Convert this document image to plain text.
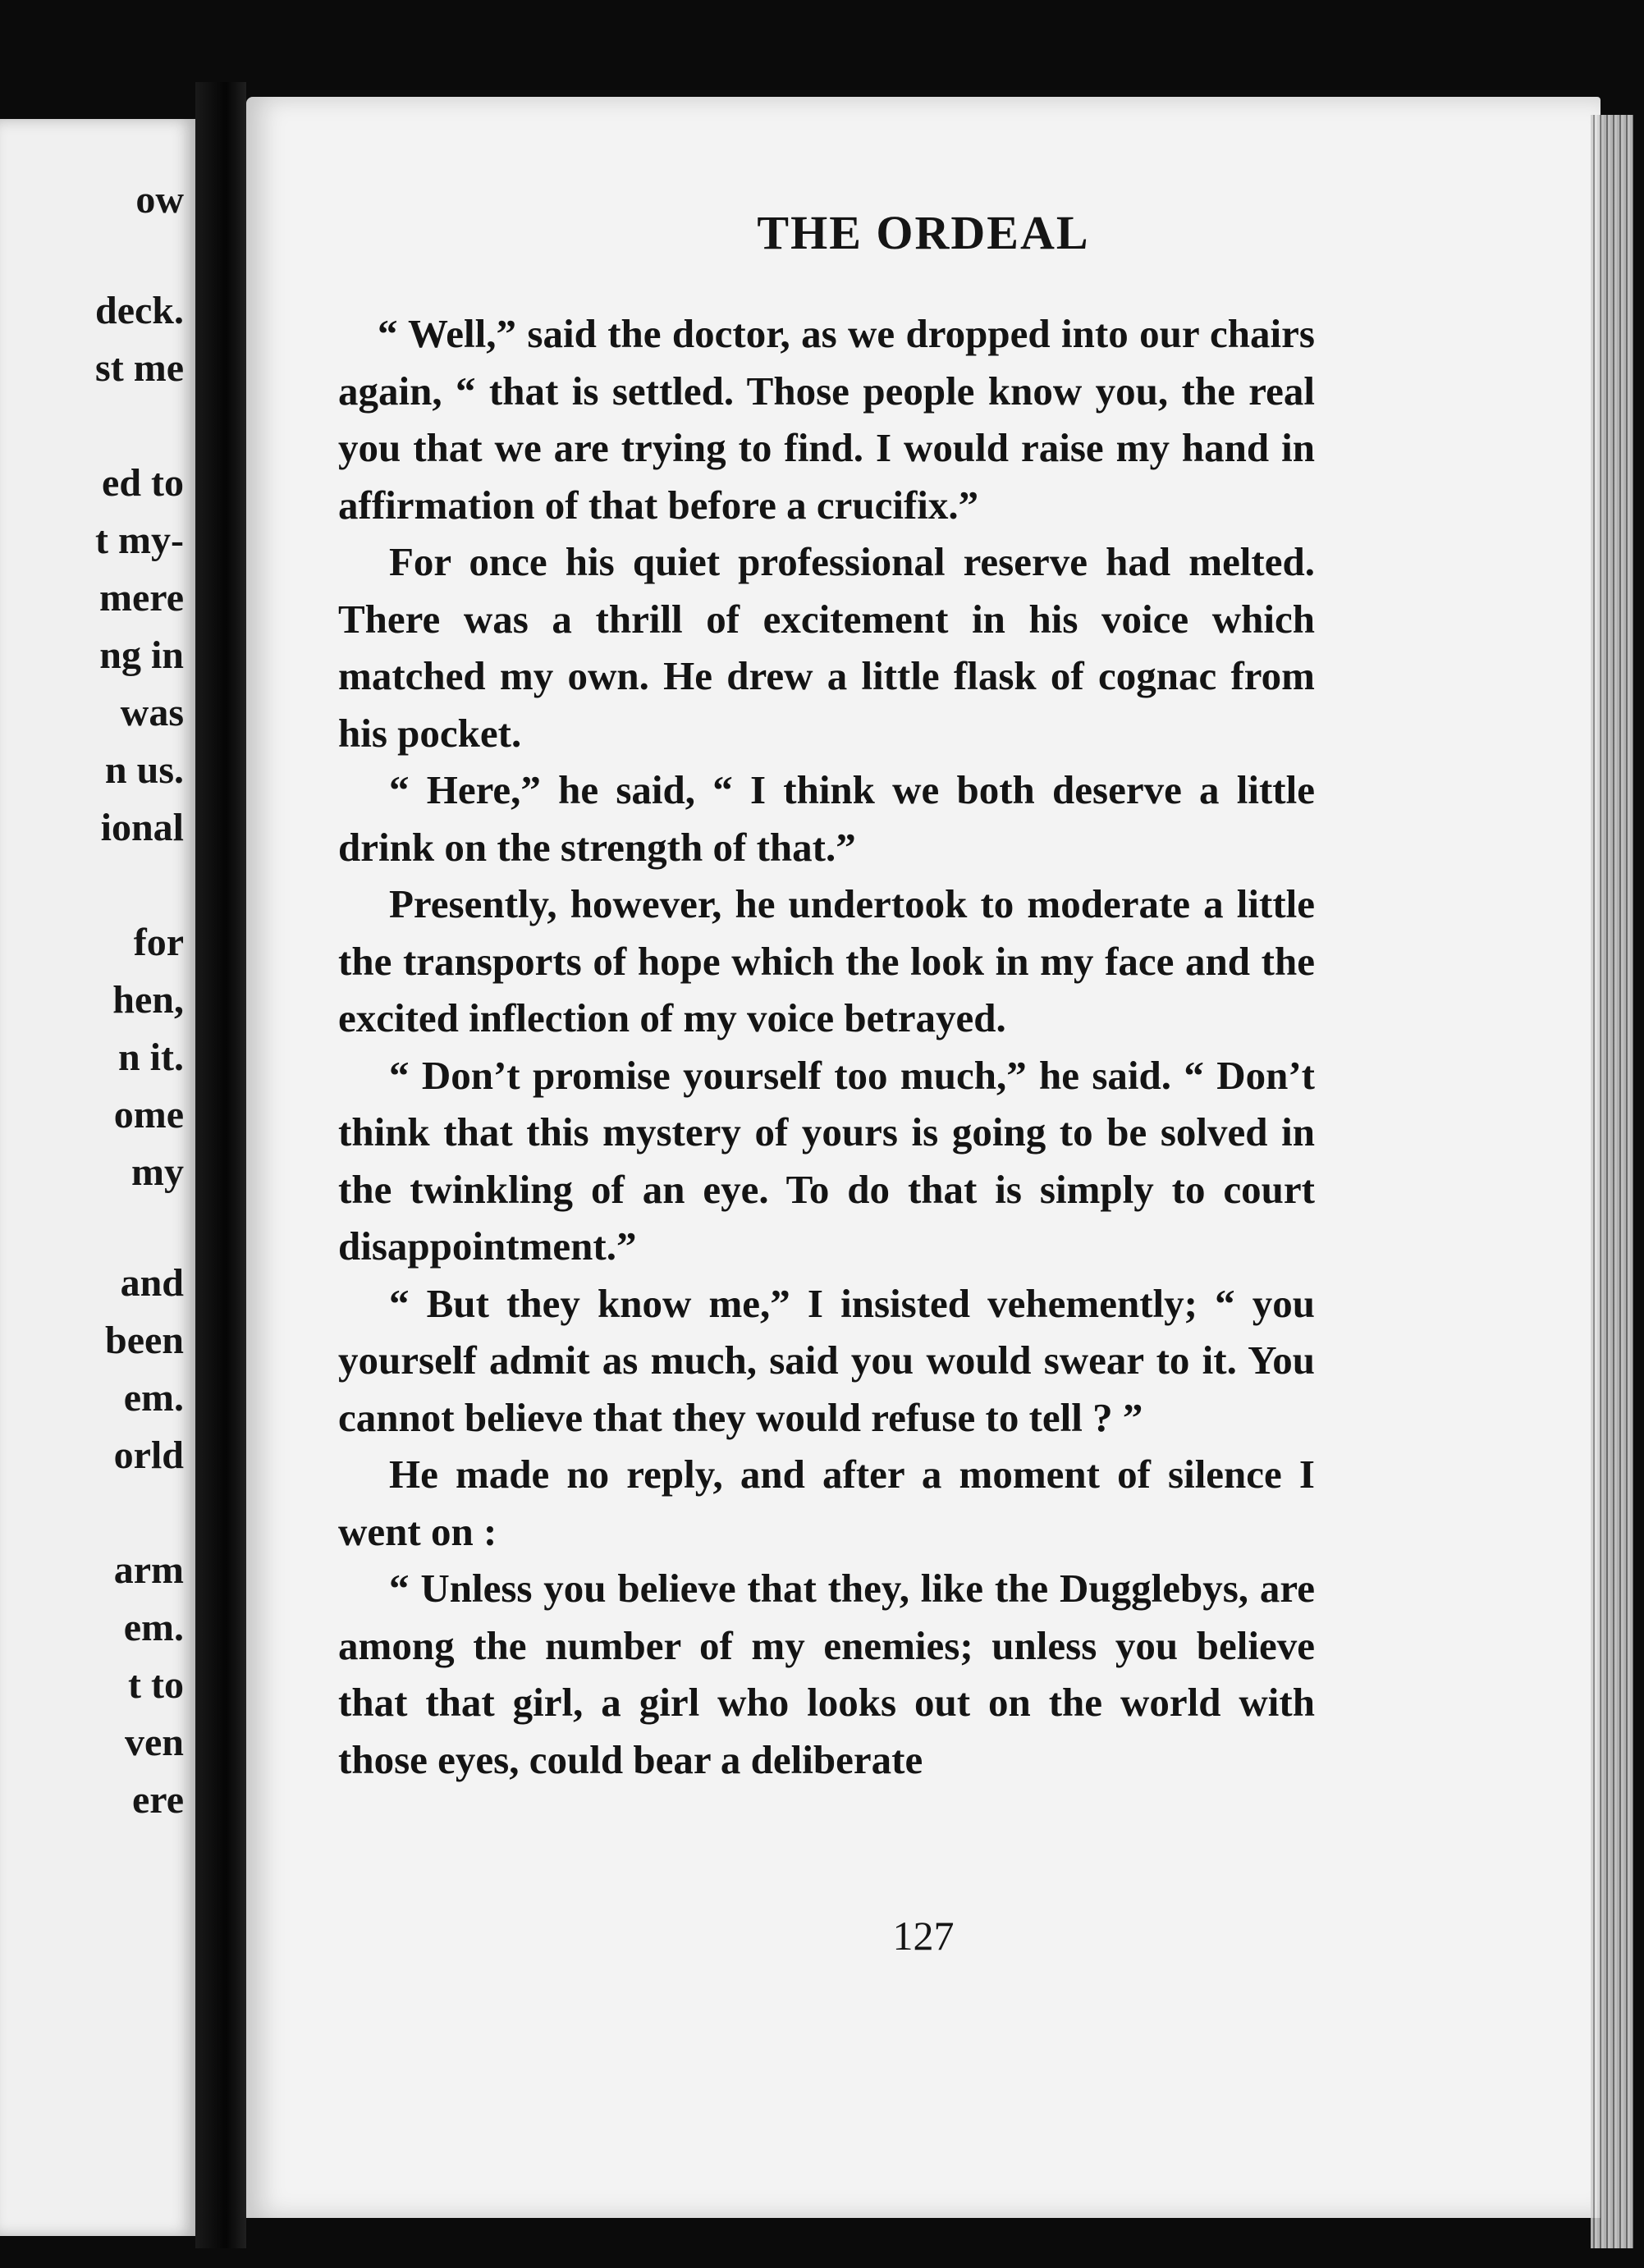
ow
deck.
st me
ed to
t my-
mere
ng in
was
n us.
ional
for
hen,
n it.
ome
my
and
been
em.
orld
arm
em.
t to
ven
ere
THE ORDEAL

“ Well,” said the doctor, as we dropped into our chairs again, “ that is settled. Those people know you, the real you that we are trying to find. I would raise my hand in affirmation of that before a crucifix.”

For once his quiet professional reserve had melted. There was a thrill of excitement in his voice which matched my own. He drew a little flask of cognac from his pocket.

“ Here,” he said, “ I think we both deserve a little drink on the strength of that.”

Presently, however, he undertook to moderate a little the transports of hope which the look in my face and the excited inflection of my voice betrayed.

“ Don’t promise yourself too much,” he said. “ Don’t think that this mystery of yours is going to be solved in the twinkling of an eye. To do that is simply to court disappointment.”

“ But they know me,” I insisted vehemently; “ you yourself admit as much, said you would swear to it. You cannot believe that they would refuse to tell ? ”

He made no reply, and after a moment of silence I went on :

“ Unless you believe that they, like the Dugglebys, are among the number of my enemies; unless you believe that that girl, a girl who looks out on the world with those eyes, could bear a deliberate

127
